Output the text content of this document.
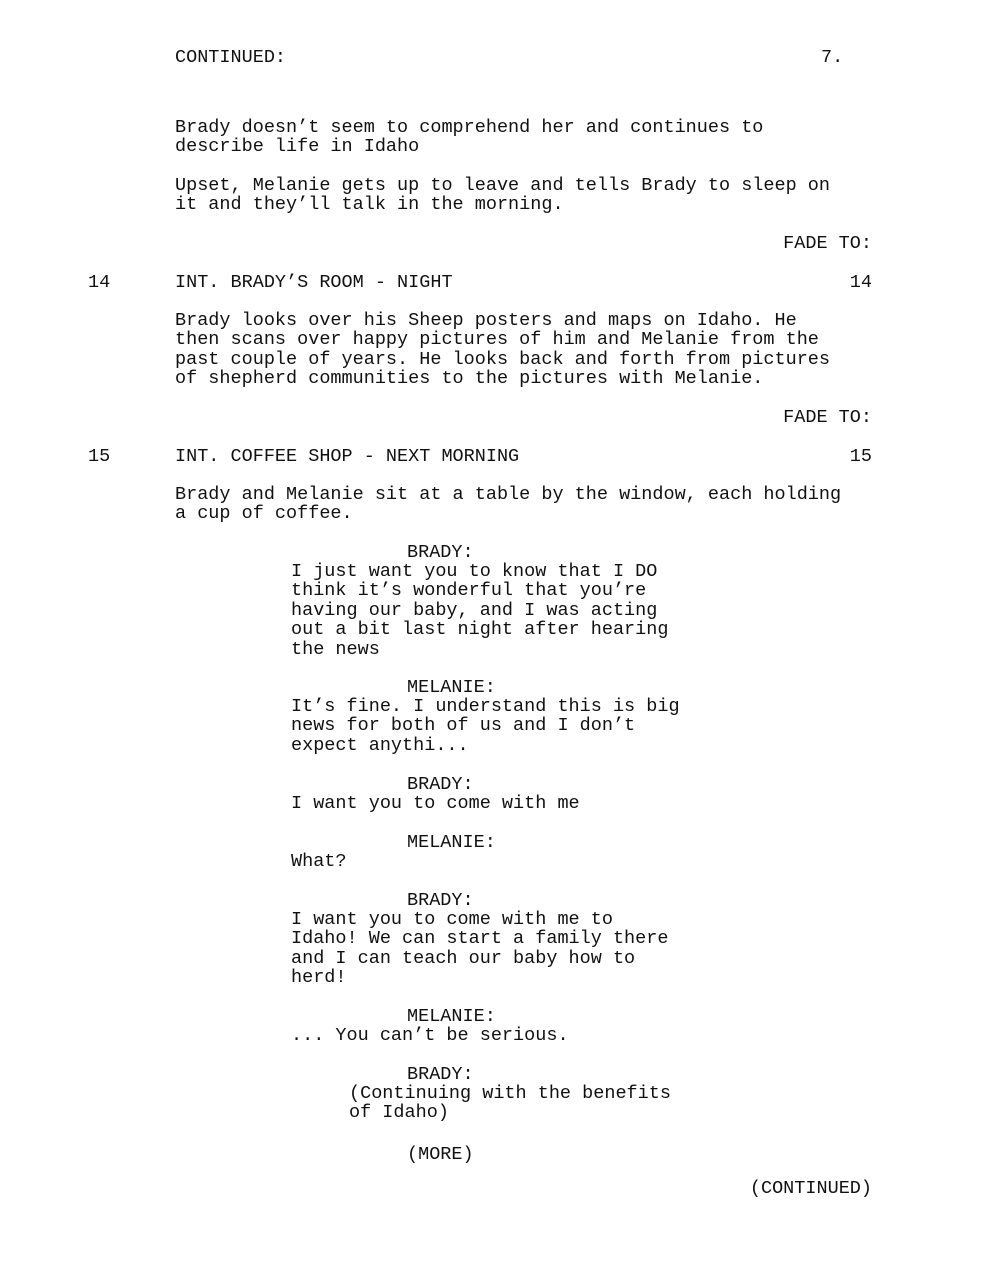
CONTINUED:	7.
Brady doesn’t seem to comprehend her and continues to
describe life in Idaho
Upset, Melanie gets up to leave and tells Brady to sleep on
it and they’ll talk in the morning.
FADE TO:
14	INT. BRADY’S ROOM - NIGHT	14
Brady looks over his Sheep posters and maps on Idaho. He
then scans over happy pictures of him and Melanie from the
past couple of years. He looks back and forth from pictures
of shepherd communities to the pictures with Melanie.
FADE TO:
15	INT. COFFEE SHOP - NEXT MORNING	15
Brady and Melanie sit at a table by the window, each holding
a cup of coffee.
BRADY:
I just want you to know that I DO
think it’s wonderful that you’re
having our baby, and I was acting
out a bit last night after hearing
the news
MELANIE:
It’s fine. I understand this is big
news for both of us and I don’t
expect anythi...
BRADY:
I want you to come with me
MELANIE:
What?
BRADY:
I want you to come with me to
Idaho! We can start a family there
and I can teach our baby how to
herd!
MELANIE:
... You can’t be serious.
BRADY:
(Continuing with the benefits
of Idaho)
(MORE)
(CONTINUED)
